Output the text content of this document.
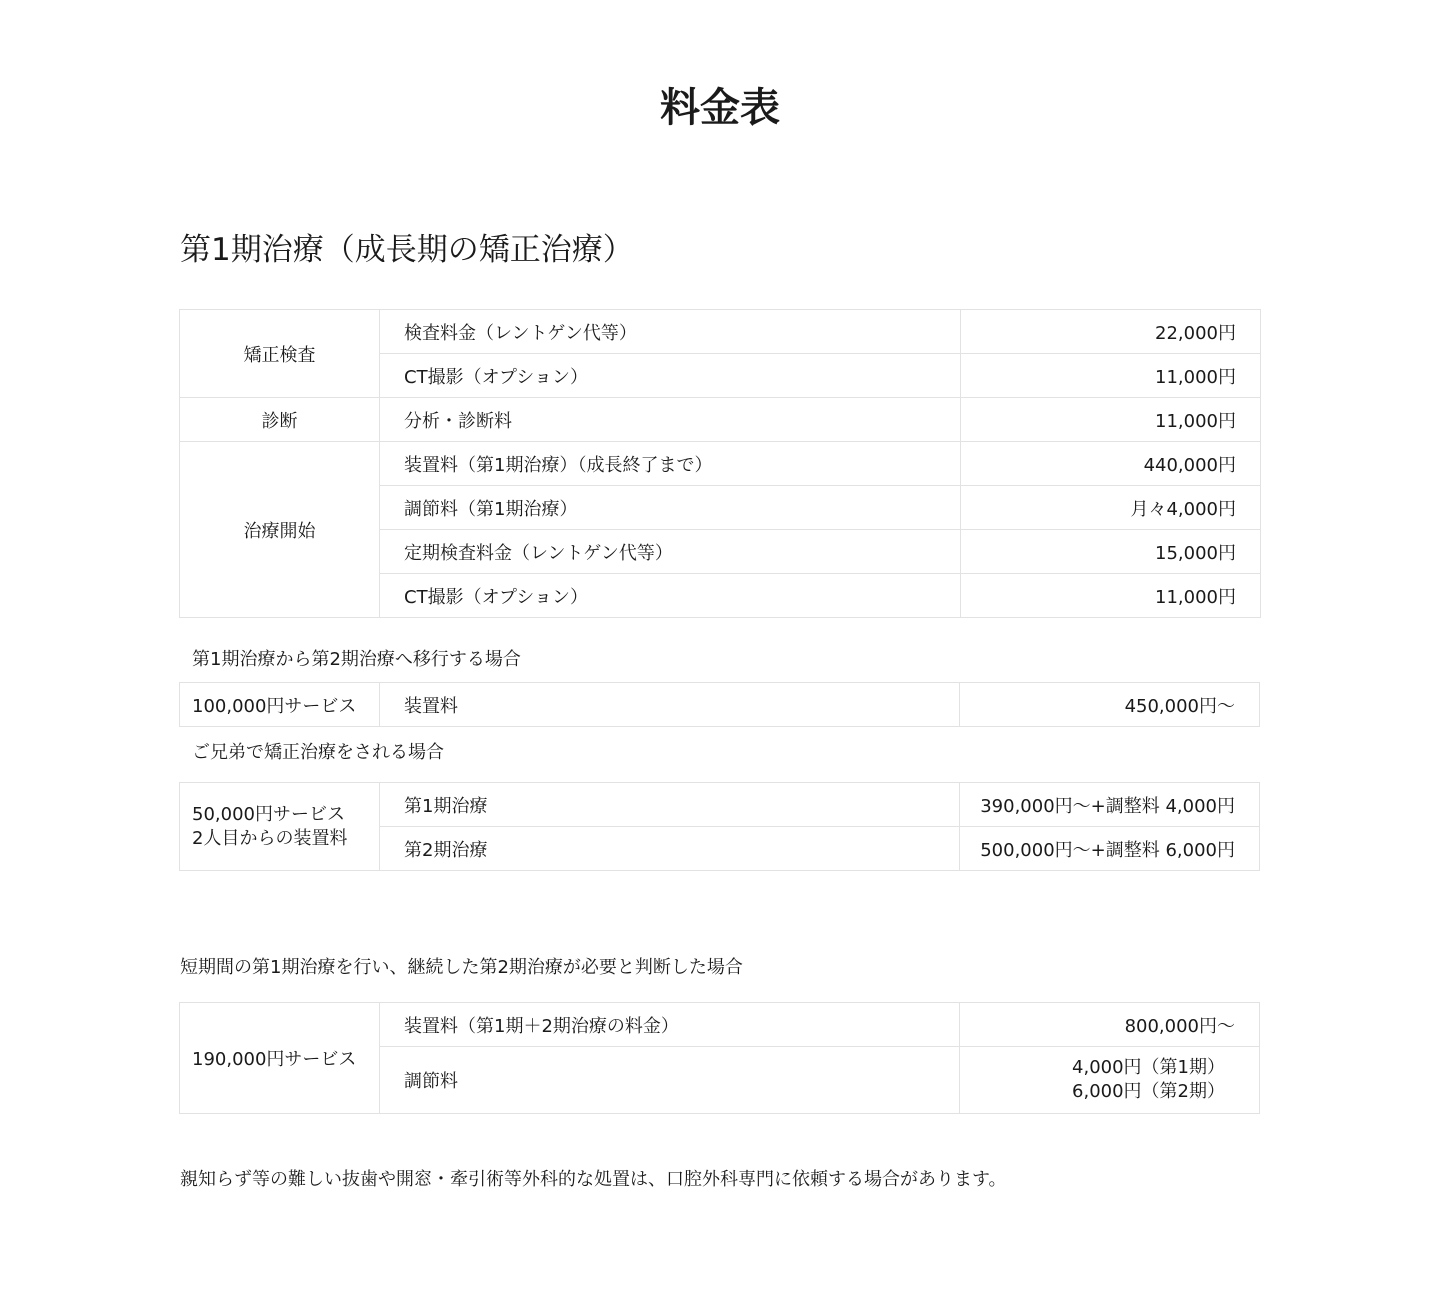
料金表
第1期治療（成長期の矯正治療）
矯正検査	検査料金（レントゲン代等）	22,000円
	CT撮影（オプション）	11,000円
診断	分析・診断料	11,000円
治療開始	装置料（第1期治療）（成長終了まで）	440,000円
	調節料（第1期治療）	月々4,000円
	定期検査料金（レントゲン代等）	15,000円
	CT撮影（オプション）	11,000円

第1期治療から第2期治療へ移行する場合

100,000円サービス	装置料	450,000円〜

ご兄弟で矯正治療をされる場合

50,000円サービス
2人目からの装置料	第1期治療	390,000円〜+調整料 4,000円
	第2期治療	500,000円〜+調整料 6,000円

短期間の第1期治療を行い、継続した第2期治療が必要と判断した場合

190,000円サービス	装置料（第1期＋2期治療の料金）	800,000円〜
	調節料	4,000円（第1期）
6,000円（第2期）

親知らず等の難しい抜歯や開窓・牽引術等外科的な処置は、口腔外科専門に依頼する場合があります。
